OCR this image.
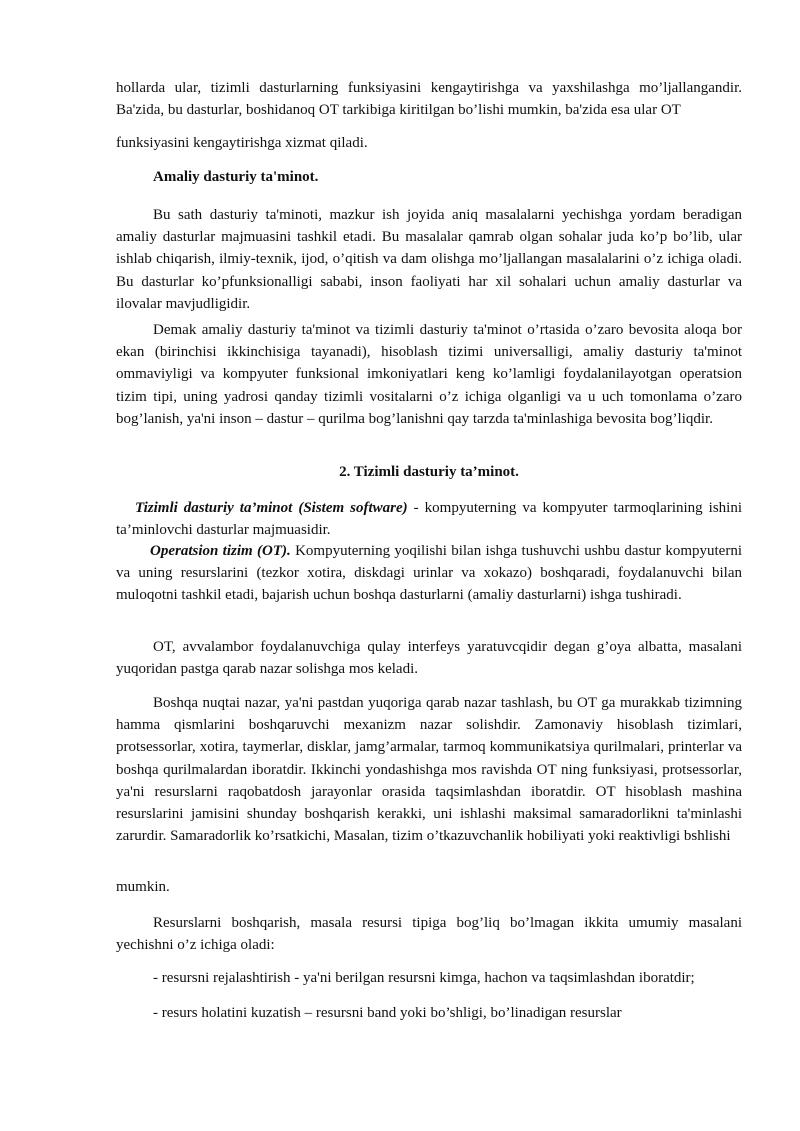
hollarda ular, tizimli dasturlarning funksiyasini kengaytirishga va yaxshilashga mo’ljallangandir. Ba'zida, bu dasturlar, boshidanoq OT tarkibiga kiritilgan bo’lishi mumkin, ba'zida esa ular OT

funksiyasini kengaytirishga xizmat qiladi.

Amaliy dasturiy ta'minot.

Bu sath dasturiy ta'minoti, mazkur ish joyida aniq masalalarni yechishga yordam beradigan amaliy dasturlar majmuasini tashkil etadi. Bu masalalar qamrab olgan sohalar juda ko’p bo’lib, ular ishlab chiqarish, ilmiy-texnik, ijod, o’qitish va dam olishga mo’ljallangan masalalarini o’z ichiga oladi. Bu dasturlar ko’pfunksionalligi sababi, inson faoliyati har xil sohalari uchun amaliy dasturlar va ilovalar mavjudligidir.

Demak amaliy dasturiy ta'minot va tizimli dasturiy ta'minot o’rtasida o’zaro bevosita aloqa bor ekan (birinchisi ikkinchisiga tayanadi), hisoblash tizimi universalligi, amaliy dasturiy ta'minot ommaviyligi va kompyuter funksional imkoniyatlari keng ko’lamligi foydalanilayotgan operatsion tizim tipi, uning yadrosi qanday tizimli vositalarni o’z ichiga olganligi va u uch tomonlama o’zaro bog’lanish, ya'ni inson – dastur – qurilma bog’lanishni qay tarzda ta'minlashiga bevosita bog’liqdir.

2. Tizimli dasturiy ta’minot.

Tizimli dasturiy ta’minot (Sistem software) - kompyuterning va kompyuter tarmoqlarining ishini ta’minlovchi dasturlar majmuasidir.

Operatsion tizim (OT). Kompyuterning yoqilishi bilan ishga tushuvchi ushbu dastur kompyuterni va uning resurslarini (tezkor xotira, diskdagi urinlar va xokazo) boshqaradi, foydalanuvchi bilan muloqotni tashkil etadi, bajarish uchun boshqa dasturlarni (amaliy dasturlarni) ishga tushiradi.

OT, avvalambor foydalanuvchiga qulay interfeys yaratuvcqidir degan g’oya albatta, masalani yuqoridan pastga qarab nazar solishga mos keladi.

Boshqa nuqtai nazar, ya'ni pastdan yuqoriga qarab nazar tashlash, bu OT ga murakkab tizimning hamma qismlarini boshqaruvchi mexanizm nazar solishdir. Zamonaviy hisoblash tizimlari, protsessorlar, xotira, taymerlar, disklar, jamg’armalar, tarmoq kommunikatsiya qurilmalari, printerlar va boshqa qurilmalardan iboratdir. Ikkinchi yondashishga mos ravishda OT ning funksiyasi, protsessorlar, ya'ni resurslarni raqobatdosh jarayonlar orasida taqsimlashdan iboratdir. OT hisoblash mashina resurslarini jamisini shunday boshqarish kerakki, uni ishlashi maksimal samaradorlikni ta'minlashi zarurdir. Samaradorlik ko’rsatkichi, Masalan, tizim o’tkazuvchanlik hobiliyati yoki reaktivligi bshlishi

mumkin.

Resurslarni boshqarish, masala resursi tipiga bog’liq bo’lmagan ikkita umumiy masalani yechishni o’z ichiga oladi:

- resursni rejalashtirish - ya'ni berilgan resursni kimga, hachon va taqsimlashdan iboratdir;

- resurs holatini kuzatish – resursni band yoki bo’shligi, bo’linadigan resurslar
